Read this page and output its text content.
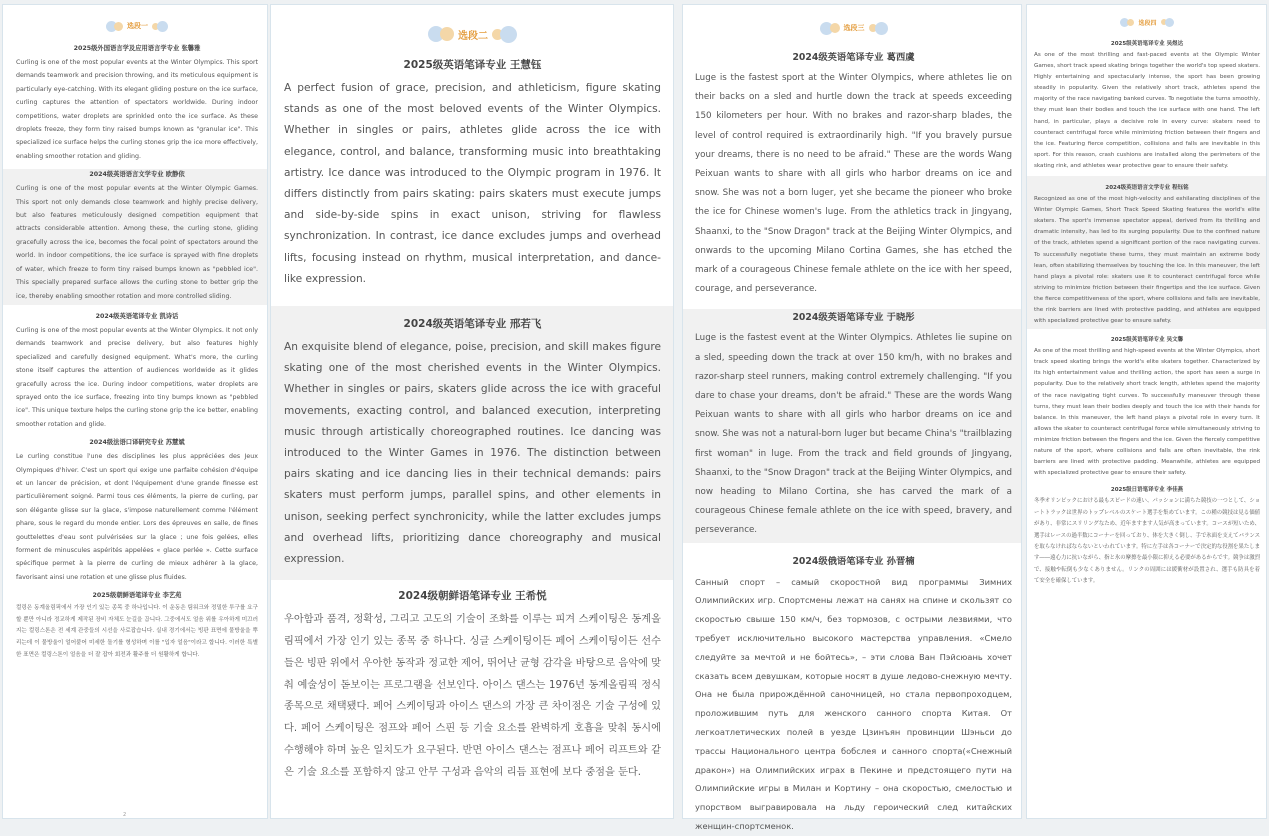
选段一
2025级外国语言学及应用语言学专业 张馨雅
Curling is one of the most popular events at the Winter Olympics. This sport demands teamwork and precision throwing, and its meticulous equipment is particularly eye-catching. With its elegant gliding posture on the ice surface, curling captures the attention of spectators worldwide. During indoor competitions, water droplets are sprinkled onto the ice surface. As these droplets freeze, they form tiny raised bumps known as "granular ice". This specialized ice surface helps the curling stones grip the ice more effectively, enabling smoother rotation and gliding.
2024级英语语言文学专业 欧静依
Curling is one of the most popular events at the Winter Olympic Games. This sport not only demands close teamwork and highly precise delivery, but also features meticulously designed competition equipment that attracts considerable attention. Among these, the curling stone, gliding gracefully across the ice, becomes the focal point of spectators around the world. In indoor competitions, the ice surface is sprayed with fine droplets of water, which freeze to form tiny raised bumps known as "pebbled ice". This specially prepared surface allows the curling stone to better grip the ice, thereby enabling smoother rotation and more controlled sliding.
2024级英语笔译专业 凯诗话
Curling is one of the most popular events at the Winter Olympics. It not only demands teamwork and precise delivery, but also features highly specialized and carefully designed equipment. What's more, the curling stone itself captures the attention of audiences worldwide as it glides gracefully across the ice. During indoor competitions, water droplets are sprayed onto the ice surface, freezing into tiny bumps known as "pebbled ice". This unique texture helps the curling stone grip the ice better, enabling smoother rotation and glide.
2024级法语口译研究专业 苏慧斌
Le curling constitue l'une des disciplines les plus appréciées des Jeux Olympiques d'hiver. C'est un sport qui exige une parfaite cohésion d'équipe et un lancer de précision, et dont l'équipement d'une grande finesse est particulièrement soigné. Parmi tous ces éléments, la pierre de curling, par son élégante glisse sur la glace, s'impose naturellement comme l'élément phare, sous le regard du monde entier. Lors des épreuves en salle, de fines gouttelettes d'eau sont pulvérisées sur la glace ; une fois gelées, elles forment de minuscules aspérités appelées « glace perlée ». Cette surface spécifique permet à la pierre de curling de mieux adhérer à la glace, favorisant ainsi une rotation et une glisse plus fluides.
2025级朝鲜语笔译专业 李艺苑
컬링은 동계올림픽에서 가장 인기 있는 종목 중 하나입니다. 이 운동은 팀워크와 정밀한 투구를 요구할 뿐만 아니라 정교하게 제작된 장비 자체도 눈길을 끕니다. 그중에서도 얼음 위를 우아하게 미끄러지는 컬링스톤은 전 세계 관중들의 시선을 사로잡습니다. 실내 경기에서는 빙판 표면에 물방울을 뿌리는데 이 물방울이 얼어붙어 미세한 돌기를 형성하며 이를 "입자 얼음"이라고 합니다. 이러한 특별한 표면은 컬링스톤이 얼음을 더 잘 잡아 회전과 활주를 더 원활하게 합니다.
2
选段二
2025级英语笔译专业 王慧钰
A perfect fusion of grace, precision, and athleticism, figure skating stands as one of the most beloved events of the Winter Olympics. Whether in singles or pairs, athletes glide across the ice with elegance, control, and balance, transforming music into breathtaking artistry. Ice dance was introduced to the Olympic program in 1976. It differs distinctly from pairs skating: pairs skaters must execute jumps and side-by-side spins in exact unison, striving for flawless synchronization. In contrast, ice dance excludes jumps and overhead lifts, focusing instead on rhythm, musical interpretation, and dance-like expression.
2024级英语笔译专业 邢若飞
An exquisite blend of elegance, poise, precision, and skill makes figure skating one of the most cherished events in the Winter Olympics. Whether in singles or pairs, skaters glide across the ice with graceful movements, exacting control, and balanced execution, interpreting music through artistically choreographed routines. Ice dancing was introduced to the Winter Games in 1976. The distinction between pairs skating and ice dancing lies in their technical demands: pairs skaters must perform jumps, parallel spins, and other elements in unison, seeking perfect synchronicity, while the latter excludes jumps and overhead lifts, prioritizing dance choreography and musical expression.
2024级朝鲜语笔译专业 王希悦
우아함과 품격, 정확성, 그리고 고도의 기술이 조화를 이루는 피겨 스케이팅은 동계올림픽에서 가장 인기 있는 종목 중 하나다. 싱글 스케이팅이든 페어 스케이팅이든 선수들은 빙판 위에서 우아한 동작과 정교한 제어, 뛰어난 균형 감각을 바탕으로 음악에 맞춰 예술성이 돋보이는 프로그램을 선보인다. 아이스 댄스는 1976년 동계올림픽 정식 종목으로 채택됐다. 페어 스케이팅과 아이스 댄스의 가장 큰 차이점은 기술 구성에 있다. 페어 스케이팅은 점프와 페어 스핀 등 기술 요소를 완벽하게 호흡을 맞춰 동시에 수행해야 하며 높은 일치도가 요구된다. 반면 아이스 댄스는 점프나 페어 리프트와 같은 기술 요소를 포함하지 않고 안무 구성과 음악의 리듬 표현에 보다 중점을 둔다.
选段三
2024级英语笔译专业 葛西虞
Luge is the fastest sport at the Winter Olympics, where athletes lie on their backs on a sled and hurtle down the track at speeds exceeding 150 kilometers per hour. With no brakes and razor-sharp blades, the level of control required is extraordinarily high. "If you bravely pursue your dreams, there is no need to be afraid." These are the words Wang Peixuan wants to share with all girls who harbor dreams on ice and snow. She was not a born luger, yet she became the pioneer who broke the ice for Chinese women's luge. From the athletics track in Jingyang, Shaanxi, to the "Snow Dragon" track at the Beijing Winter Olympics, and onwards to the upcoming Milano Cortina Games, she has etched the mark of a courageous Chinese female athlete on the ice with her speed, courage, and perseverance.
2024级英语笔译专业 于晓彤
Luge is the fastest event at the Winter Olympics. Athletes lie supine on a sled, speeding down the track at over 150 km/h, with no brakes and razor-sharp steel runners, making control extremely challenging. "If you dare to chase your dreams, don't be afraid." These are the words Wang Peixuan wants to share with all girls who harbor dreams on ice and snow. She was not a natural-born luger but became China's "trailblazing first woman" in luge. From the track and field grounds of Jingyang, Shaanxi, to the "Snow Dragon" track at the Beijing Winter Olympics, and now heading to Milano Cortina, she has carved the mark of a courageous Chinese female athlete on the ice with speed, bravery, and perseverance.
2024级俄语笔译专业 孙晋楠
Санный спорт – самый скоростной вид программы Зимних Олимпийских игр. Спортсмены лежат на санях на спине и скользят со скоростью свыше 150 км/ч, без тормозов, с острыми лезвиями, что требует исключительно высокого мастерства управления. «Смело следуйте за мечтой и не бойтесь», – эти слова Ван Пэйсюань хочет сказать всем девушкам, которые носят в душе ледово-снежную мечту. Она не была прирождённой саночницей, но стала первопроходцем, проложившим путь для женского санного спорта Китая. От легкоатлетических полей в уезде Цзинъян провинции Шэньси до трассы Национального центра бобслея и санного спорта(«Снежный дракон») на Олимпийских играх в Пекине и предстоящего пути на Олимпийские игры в Милан и Кортину – она скоростью, смелостью и упорством выгравировала на льду героический след китайских женщин-спортсменок.
选段四
2025级英语笔译专业 吴煜达
As one of the most thrilling and fast-paced events at the Olympic Winter Games, short track speed skating brings together the world's top speed skaters. Highly entertaining and spectacularly intense, the sport has been growing steadily in popularity. Given the relatively short track, athletes spend the majority of the race navigating banked curves. To negotiate the turns smoothly, they must lean their bodies and touch the ice surface with one hand. The left hand, in particular, plays a decisive role in every curve: skaters need to counteract centrifugal force while minimizing friction between their fingers and the ice. Featuring fierce competition, collisions and falls are inevitable in this sport. For this reason, crash cushions are installed along the perimeters of the skating rink, and athletes wear protective gear to ensure their safety.
2024级英语语言文学专业 程钰铭
Recognized as one of the most high-velocity and exhilarating disciplines of the Winter Olympic Games, Short Track Speed Skating features the world's elite skaters. The sport's immense spectator appeal, derived from its thrilling and dramatic intensity, has led to its surging popularity. Due to the confined nature of the track, athletes spend a significant portion of the race navigating curves. To successfully negotiate these turns, they must maintain an extreme body lean, often stabilizing themselves by touching the ice. In this maneuver, the left hand plays a pivotal role: skaters use it to counteract centrifugal force while striving to minimize friction between their fingertips and the ice surface. Given the fierce competitiveness of the sport, where collisions and falls are inevitable, the rink barriers are lined with protective padding, and athletes are equipped with specialized protective gear to ensure safety.
2025级英语笔译专业 吴文馨
As one of the most thrilling and high-speed events at the Winter Olympics, short track speed skating brings the world's elite skaters together. Characterized by its high entertainment value and thrilling action, the sport has seen a surge in popularity. Due to the relatively short track length, athletes spend the majority of the race navigating tight curves. To successfully maneuver through these turns, they must lean their bodies deeply and touch the ice with their hands for balance. In this maneuver, the left hand plays a pivotal role in every turn. It allows the skater to counteract centrifugal force while simultaneously striving to minimize friction between the fingers and the ice. Given the fiercely competitive nature of the sport, where collisions and falls are often inevitable, the rink barriers are lined with protective padding. Meanwhile, athletes are equipped with specialized protective gear to ensure their safety.
2025级日语笔译专业 李佳燕
冬季オリンピックにおける最もスピードの速い、パッションに満ちた競技の一つとして、ショートトラックは世界のトップレベルのスケート選手を集めています。この種の競技は見る価値があり、非常にスリリングなため、近年ますます人気が高まっています。コースが短いため、選手はレースの過半数にコーナーを回っており、体を大きく倒し、手で氷面を支えてバランスを取らなければならないといわれています。特に左手は各コーナーで決定的な役割を果たします――遠心力に抗いながら、指と氷の摩擦を最小限に抑える必要があるからです。競争は激烈で、接触や転倒も少なくありません。リンクの周囲には緩衝材が設置され、選手も防具を着て安全を確保しています。
